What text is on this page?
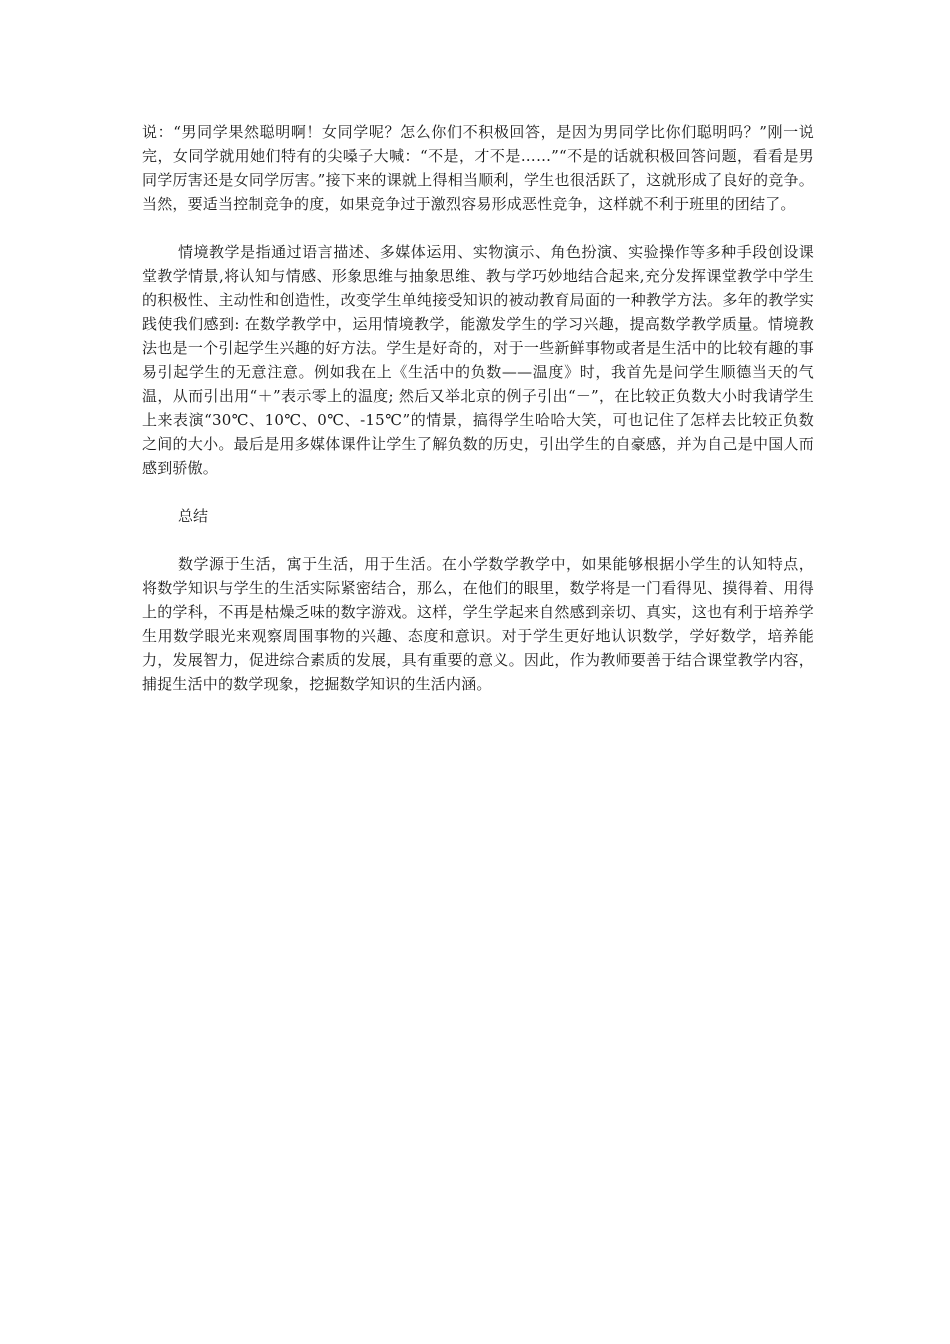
说：“男同学果然聪明啊！女同学呢？怎么你们不积极回答，是因为男同学比你们聪明吗？”刚一说完，女同学就用她们特有的尖嗓子大喊：“不是，才不是……”“不是的话就积极回答问题，看看是男同学厉害还是女同学厉害。”接下来的课就上得相当顺利，学生也很活跃了，这就形成了良好的竞争。当然，要适当控制竞争的度，如果竞争过于激烈容易形成恶性竞争，这样就不利于班里的团结了。

情境教学是指通过语言描述、多媒体运用、实物演示、角色扮演、实验操作等多种手段创设课堂教学情景,将认知与情感、形象思维与抽象思维、教与学巧妙地结合起来,充分发挥课堂教学中学生的积极性、主动性和创造性，改变学生单纯接受知识的被动教育局面的一种教学方法。多年的教学实践使我们感到: 在数学教学中，运用情境教学，能激发学生的学习兴趣，提高数学教学质量。情境教法也是一个引起学生兴趣的好方法。学生是好奇的，对于一些新鲜事物或者是生活中的比较有趣的事易引起学生的无意注意。例如我在上《生活中的负数——温度》时，我首先是问学生顺德当天的气温，从而引出用“＋”表示零上的温度; 然后又举北京的例子引出“－”，在比较正负数大小时我请学生上来表演“30℃、10℃、0℃、-15℃”的情景，搞得学生哈哈大笑，可也记住了怎样去比较正负数之间的大小。最后是用多媒体课件让学生了解负数的历史，引出学生的自豪感，并为自己是中国人而感到骄傲。

总结

数学源于生活，寓于生活，用于生活。在小学数学教学中，如果能够根据小学生的认知特点，将数学知识与学生的生活实际紧密结合，那么，在他们的眼里，数学将是一门看得见、摸得着、用得上的学科，不再是枯燥乏味的数字游戏。这样，学生学起来自然感到亲切、真实，这也有利于培养学生用数学眼光来观察周围事物的兴趣、态度和意识。对于学生更好地认识数学，学好数学，培养能力，发展智力，促进综合素质的发展，具有重要的意义。因此，作为教师要善于结合课堂教学内容，捕捉生活中的数学现象，挖掘数学知识的生活内涵。
